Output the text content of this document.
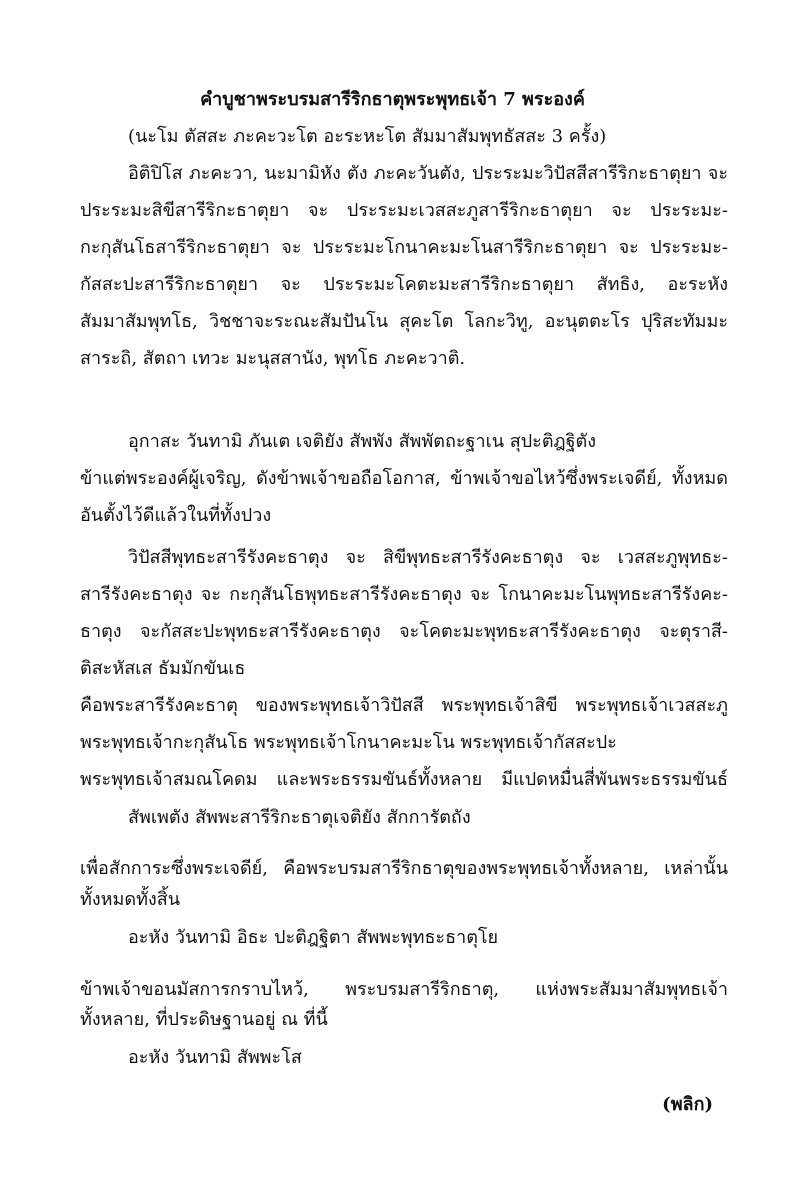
คำบูชาพระบรมสารีริกธาตุพระพุทธเจ้า 7 พระองค์
(นะโม ตัสสะ ภะคะวะโต อะระหะโต สัมมาสัมพุทธัสสะ 3 ครั้ง)
อิติปิโส ภะคะวา, นะมามิหัง ตัง ภะคะวันตัง, ประระมะวิปัสสีสารีริกะธาตุยา จะ
ประระมะสิขีสารีริกะธาตุยา จะ ประระมะเวสสะภูสารีริกะธาตุยา จะ ประระมะ-
กะกุสันโธสารีริกะธาตุยา จะ ประระมะโกนาคะมะโนสารีริกะธาตุยา จะ ประระมะ-
กัสสะปะสารีริกะธาตุยา จะ ประระมะโคตะมะสารีริกะธาตุยา สัทธิง, อะระหัง
สัมมาสัมพุทโธ, วิชชาจะระณะสัมปันโน สุคะโต โลกะวิทู, อะนุตตะโร ปุริสะทัมมะ
สาระถิ, สัตถา เทวะ มะนุสสานัง, พุทโธ ภะคะวาติ.
อุกาสะ วันทามิ ภันเต เจติยัง สัพพัง สัพพัตถะฐาเน สุปะติฎฐิตัง
ข้าแต่พระองค์ผู้เจริญ, ดังข้าพเจ้าขอถือโอกาส, ข้าพเจ้าขอไหว้ซึ่งพระเจดีย์, ทั้งหมด
อันตั้งไว้ดีแล้วในที่ทั้งปวง
วิปัสสีพุทธะสารีรังคะธาตุง จะ สิขีพุทธะสารีรังคะธาตุง จะ เวสสะภูพุทธะ-
สารีรังคะธาตุง จะ กะกุสันโธพุทธะสารีรังคะธาตุง จะ โกนาคะมะโนพุทธะสารีรังคะ-
ธาตุง จะกัสสะปะพุทธะสารีรังคะธาตุง จะโคตะมะพุทธะสารีรังคะธาตุง จะตุราสี-
ติสะหัสเส ธัมมักขันเธ
คือพระสารีรังคะธาตุ ของพระพุทธเจ้าวิปัสสี พระพุทธเจ้าสิขี พระพุทธเจ้าเวสสะภู
พระพุทธเจ้ากะกุสันโธ พระพุทธเจ้าโกนาคะมะโน พระพุทธเจ้ากัสสะปะ
พระพุทธเจ้าสมณโคดม และพระธรรมขันธ์ทั้งหลาย มีแปดหมื่นสี่พันพระธรรมขันธ์
สัพเพตัง สัพพะสารีริกะธาตุเจติยัง สักการัตถัง
เพื่อสักการะซึ่งพระเจดีย์, คือพระบรมสารีริกธาตุของพระพุทธเจ้าทั้งหลาย, เหล่านั้น
ทั้งหมดทั้งสิ้น
อะหัง วันทามิ อิธะ ปะติฎฐิตา สัพพะพุทธะธาตุโย
ข้าพเจ้าขอนมัสการกราบไหว้, พระบรมสารีริกธาตุ, แห่งพระสัมมาสัมพุทธเจ้า
ทั้งหลาย, ที่ประดิษฐานอยู่ ณ ที่นี้
อะหัง วันทามิ สัพพะโส
(พลิก)
